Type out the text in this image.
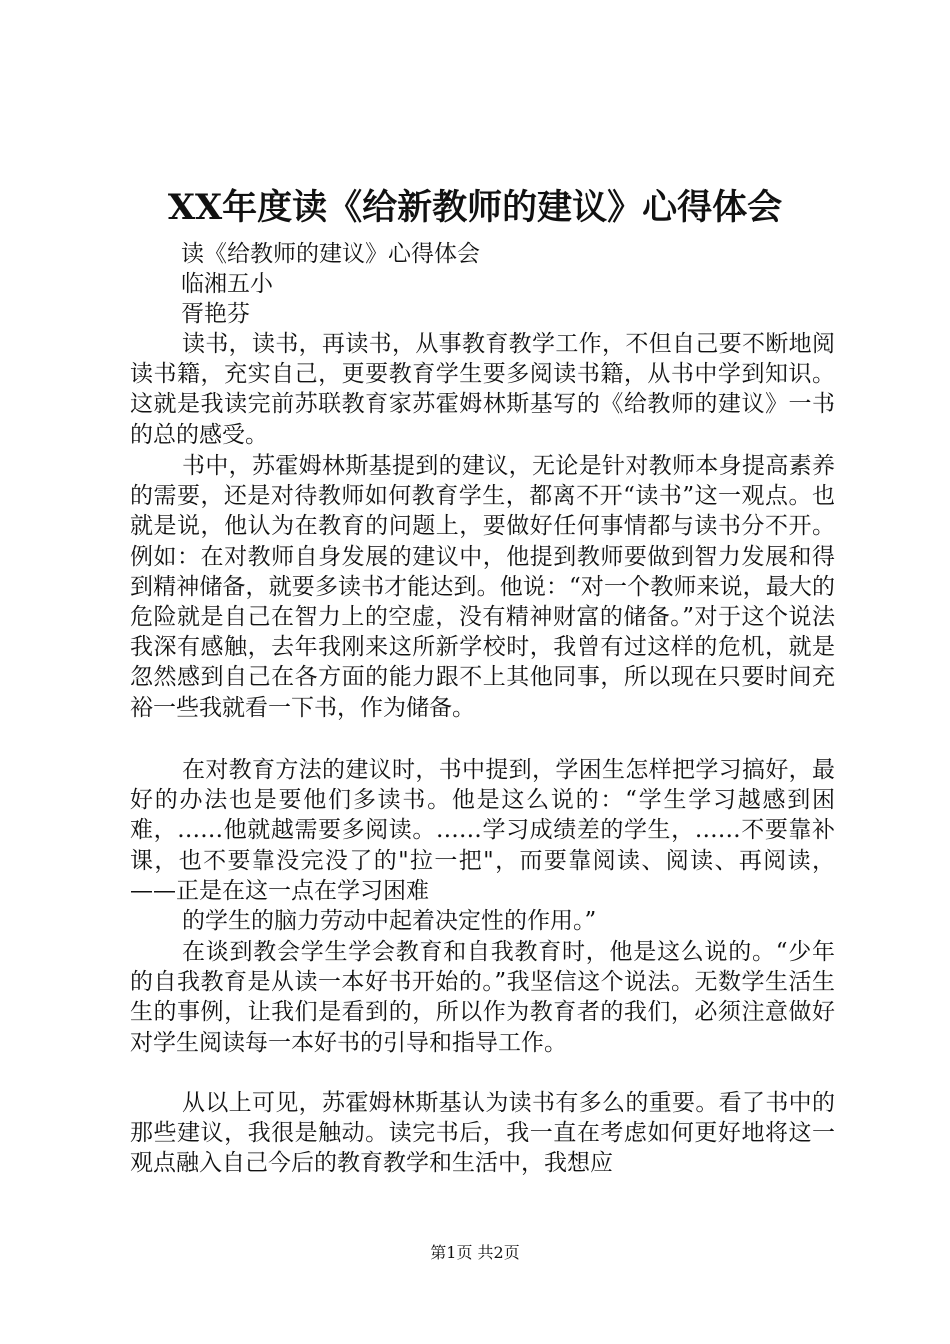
XX年度读《给新教师的建议》心得体会
读《给教师的建议》心得体会
临湘五小
胥艳芬

读书，读书，再读书，从事教育教学工作，不但自己要不断地阅读书籍，充实自己，更要教育学生要多阅读书籍，从书中学到知识。这就是我读完前苏联教育家苏霍姆林斯基写的《给教师的建议》一书的总的感受。

书中，苏霍姆林斯基提到的建议，无论是针对教师本身提高素养的需要，还是对待教师如何教育学生，都离不开“读书”这一观点。也就是说，他认为在教育的问题上，要做好任何事情都与读书分不开。例如：在对教师自身发展的建议中，他提到教师要做到智力发展和得到精神储备，就要多读书才能达到。他说：“对一个教师来说，最大的危险就是自己在智力上的空虚，没有精神财富的储备。”对于这个说法我深有感触，去年我刚来这所新学校时，我曾有过这样的危机，就是忽然感到自己在各方面的能力跟不上其他同事，所以现在只要时间充裕一些我就看一下书，作为储备。

在对教育方法的建议时，书中提到，学困生怎样把学习搞好，最好的办法也是要他们多读书。他是这么说的：“学生学习越感到困难，……他就越需要多阅读。……学习成绩差的学生，……不要靠补课，也不要靠没完没了的"拉一把"，而要靠阅读、阅读、再阅读，——正是在这一点在学习困难

的学生的脑力劳动中起着决定性的作用。”

在谈到教会学生学会教育和自我教育时，他是这么说的。“少年的自我教育是从读一本好书开始的。”我坚信这个说法。无数学生活生生的事例，让我们是看到的，所以作为教育者的我们，必须注意做好对学生阅读每一本好书的引导和指导工作。

从以上可见，苏霍姆林斯基认为读书有多么的重要。看了书中的那些建议，我很是触动。读完书后，我一直在考虑如何更好地将这一观点融入自己今后的教育教学和生活中，我想应

第1页 共2页
